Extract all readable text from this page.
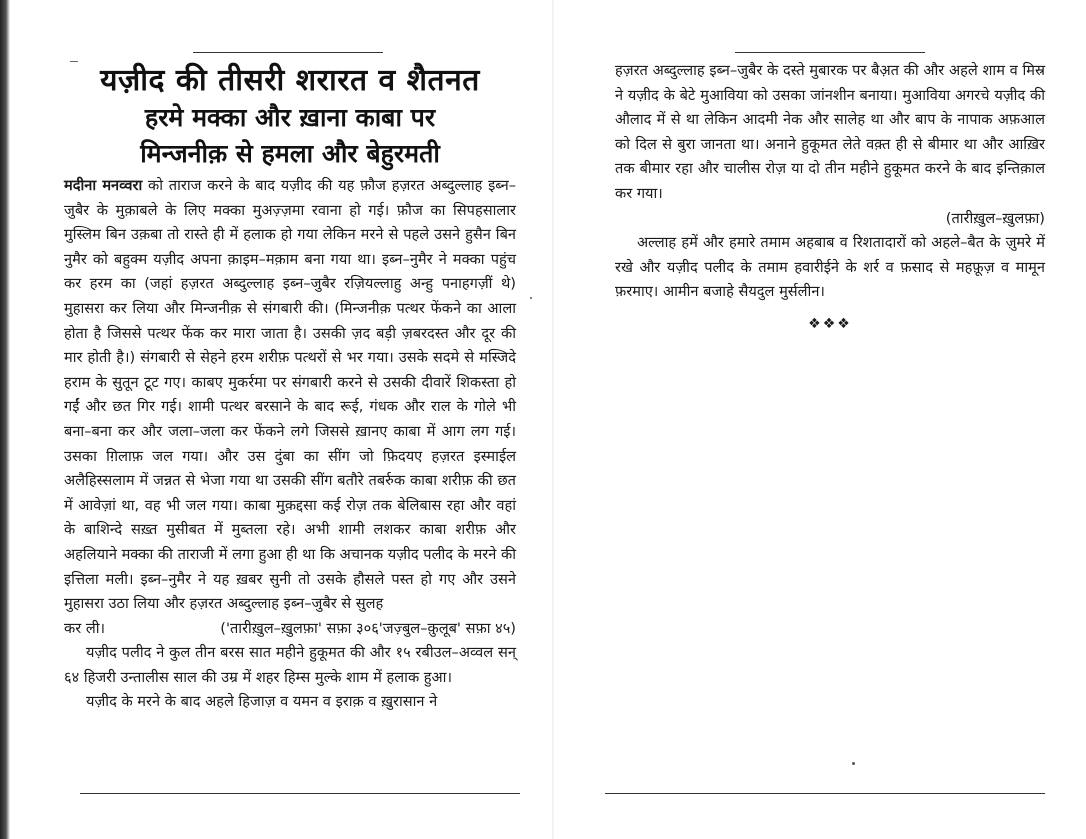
यज़ीद की तीसरी शरारत व शैतनत
हरमे मक्का और ख़ाना काबा पर
मिन्जनीक़ से हमला और बेहुरमती

मदीना मनव्वरा को ताराज करने के बाद यज़ीद की यह फ़ौज हज़रत अब्दुल्लाह इब्न–जुबैर के मुक़ाबले के लिए मक्का मुअज़्ज़मा रवाना हो गई। फ़ौज का सिपहसालार मुस्लिम बिन उक़बा तो रास्ते ही में हलाक हो गया लेकिन मरने से पहले उसने हुसैन बिन नुमैर को बहुक्म यज़ीद अपना क़ाइम–मक़ाम बना गया था। इब्न–नुमैर ने मक्का पहुंच कर हरम का (जहां हज़रत अब्दुल्लाह इब्न–जुबैर रज़ियल्लाहु अन्हु पनाहगज़ीं थे) मुहासरा कर लिया और मिन्जनीक़ से संगबारी की। (मिन्जनीक़ पत्थर फेंकने का आला होता है जिससे पत्थर फेंक कर मारा जाता है। उसकी ज़द बड़ी ज़बरदस्त और दूर की मार होती है।) संगबारी से सेहने हरम शरीफ़ पत्थरों से भर गया। उसके सदमे से मस्जिदे हराम के सुतून टूट गए। काबए मुकर्रमा पर संगबारी करने से उसकी दीवारें शिकस्ता हो गईं और छत गिर गई। शामी पत्थर बरसाने के बाद रूई, गंधक और राल के गोले भी बना–बना कर और जला–जला कर फेंकने लगे जिससे ख़ानए काबा में आग लग गई। उसका ग़िलाफ़ जल गया। और उस दुंबा का सींग जो फ़िदयए हज़रत इस्माईल अलैहिस्सलाम में जन्नत से भेजा गया था उसकी सींग बतौरे तबर्रुक काबा शरीफ़ की छत में आवेज़ां था, वह भी जल गया। काबा मुक़द्दसा कई रोज़ तक बेलिबास रहा और वहां के बाशिन्दे सख़्त मुसीबत में मुब्तला रहे। अभी शामी लशकर काबा शरीफ़ और अहलियाने मक्का की ताराजी में लगा हुआ ही था कि अचानक यज़ीद पलीद के मरने की इत्तिला मली। इब्न–नुमैर ने यह ख़बर सुनी तो उसके हौसले पस्त हो गए और उसने मुहासरा उठा लिया और हज़रत अब्दुल्लाह इब्न–जुबैर से सुलह

कर ली।	('तारीख़ुल–ख़ुलफ़ा' सफ़ा ३०६'जज़्बुल–क़ुलूब' सफ़ा ४५)

यज़ीद पलीद ने कुल तीन बरस सात महीने हुकूमत की और १५ रबीउल–अव्वल सन् ६४ हिजरी उन्तालीस साल की उम्र में शहर हिम्स मुल्के शाम में हलाक हुआ।

यज़ीद के मरने के बाद अहले हिजाज़ व यमन व इराक़ व ख़ुरासान ने

हज़रत अब्दुल्लाह इब्न–जुबैर के दस्ते मुबारक पर बैअ़त की और अहले शाम व मिस्र ने यज़ीद के बेटे मुआविया को उसका जांनशीन बनाया। मुआविया अगरचे यज़ीद की औलाद में से था लेकिन आदमी नेक और सालेह था और बाप के नापाक अफ़आल को दिल से बुरा जानता था। अनाने हुकूमत लेते वक़्त ही से बीमार था और आख़िर तक बीमार रहा और चालीस रोज़ या दो तीन महीने हुकूमत करने के बाद इन्तिक़ाल कर गया।

(तारीख़ुल–ख़ुलफ़ा)

अल्लाह हमें और हमारे तमाम अहबाब व रिशतादारों को अहले–बैत के ज़ुमरे में रखे और यज़ीद पलीद के तमाम हवारीईने के शर्र व फ़साद से महफ़ूज़ व मामून फ़रमाए। आमीन बजाहे सैयदुल मुर्सलीन।

❖❖❖
